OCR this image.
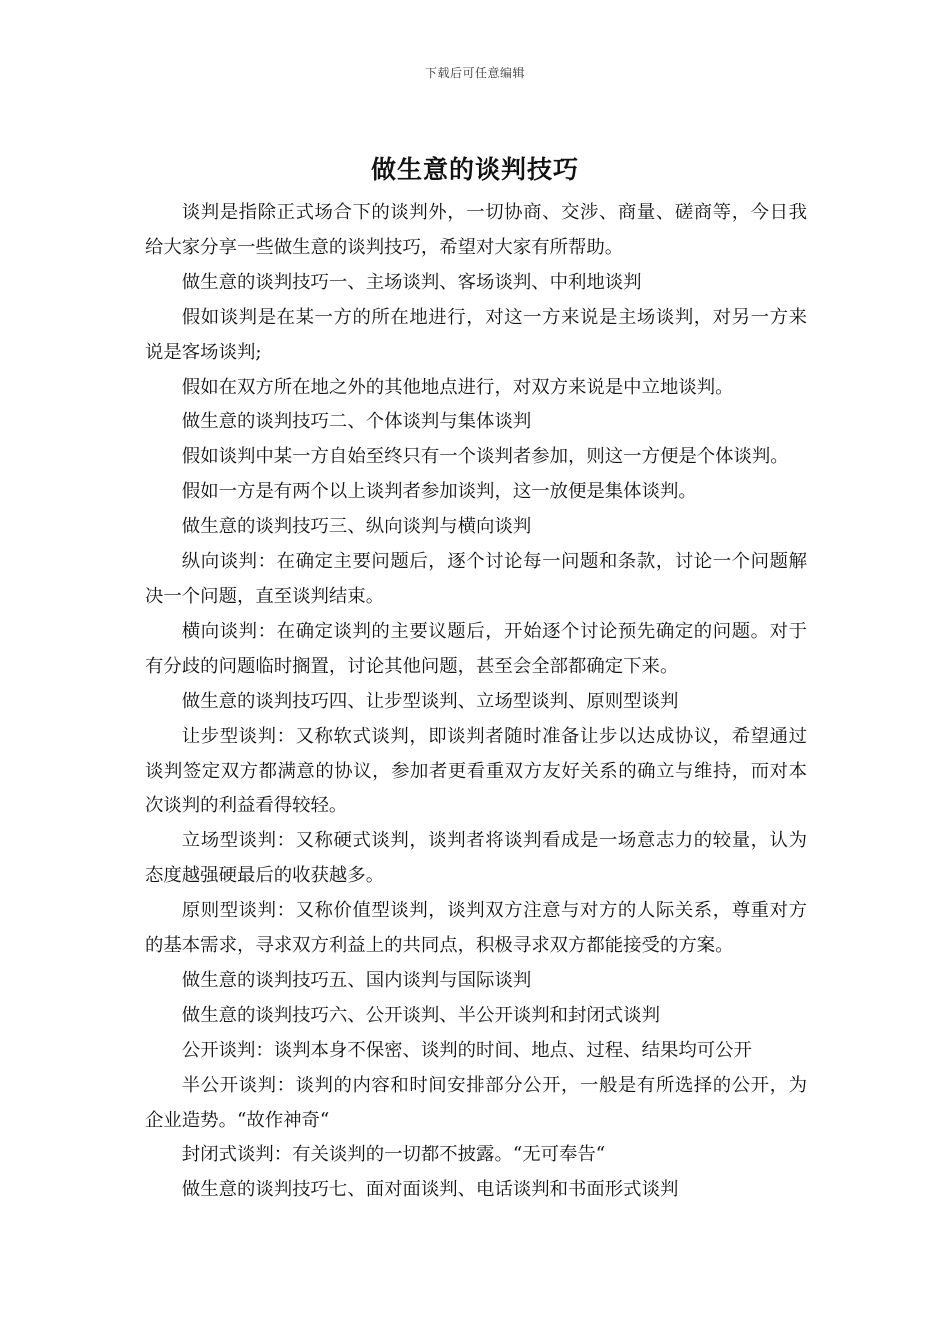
下载后可任意编辑
做生意的谈判技巧

谈判是指除正式场合下的谈判外，一切协商、交涉、商量、磋商等，今日我给大家分享一些做生意的谈判技巧，希望对大家有所帮助。

做生意的谈判技巧一、主场谈判、客场谈判、中利地谈判

假如谈判是在某一方的所在地进行，对这一方来说是主场谈判，对另一方来说是客场谈判;

假如在双方所在地之外的其他地点进行，对双方来说是中立地谈判。

做生意的谈判技巧二、个体谈判与集体谈判

假如谈判中某一方自始至终只有一个谈判者参加，则这一方便是个体谈判。

假如一方是有两个以上谈判者参加谈判，这一放便是集体谈判。

做生意的谈判技巧三、纵向谈判与横向谈判

纵向谈判：在确定主要问题后，逐个讨论每一问题和条款，讨论一个问题解决一个问题，直至谈判结束。

横向谈判：在确定谈判的主要议题后，开始逐个讨论预先确定的问题。对于有分歧的问题临时搁置，讨论其他问题，甚至会全部都确定下来。

做生意的谈判技巧四、让步型谈判、立场型谈判、原则型谈判

让步型谈判：又称软式谈判，即谈判者随时准备让步以达成协议，希望通过谈判签定双方都满意的协议，参加者更看重双方友好关系的确立与维持，而对本次谈判的利益看得较轻。

立场型谈判：又称硬式谈判，谈判者将谈判看成是一场意志力的较量，认为态度越强硬最后的收获越多。

原则型谈判：又称价值型谈判，谈判双方注意与对方的人际关系，尊重对方的基本需求，寻求双方利益上的共同点，积极寻求双方都能接受的方案。

做生意的谈判技巧五、国内谈判与国际谈判

做生意的谈判技巧六、公开谈判、半公开谈判和封闭式谈判

公开谈判：谈判本身不保密、谈判的时间、地点、过程、结果均可公开

半公开谈判：谈判的内容和时间安排部分公开，一般是有所选择的公开，为企业造势。“故作神奇“

封闭式谈判：有关谈判的一切都不披露。“无可奉告“

做生意的谈判技巧七、面对面谈判、电话谈判和书面形式谈判
